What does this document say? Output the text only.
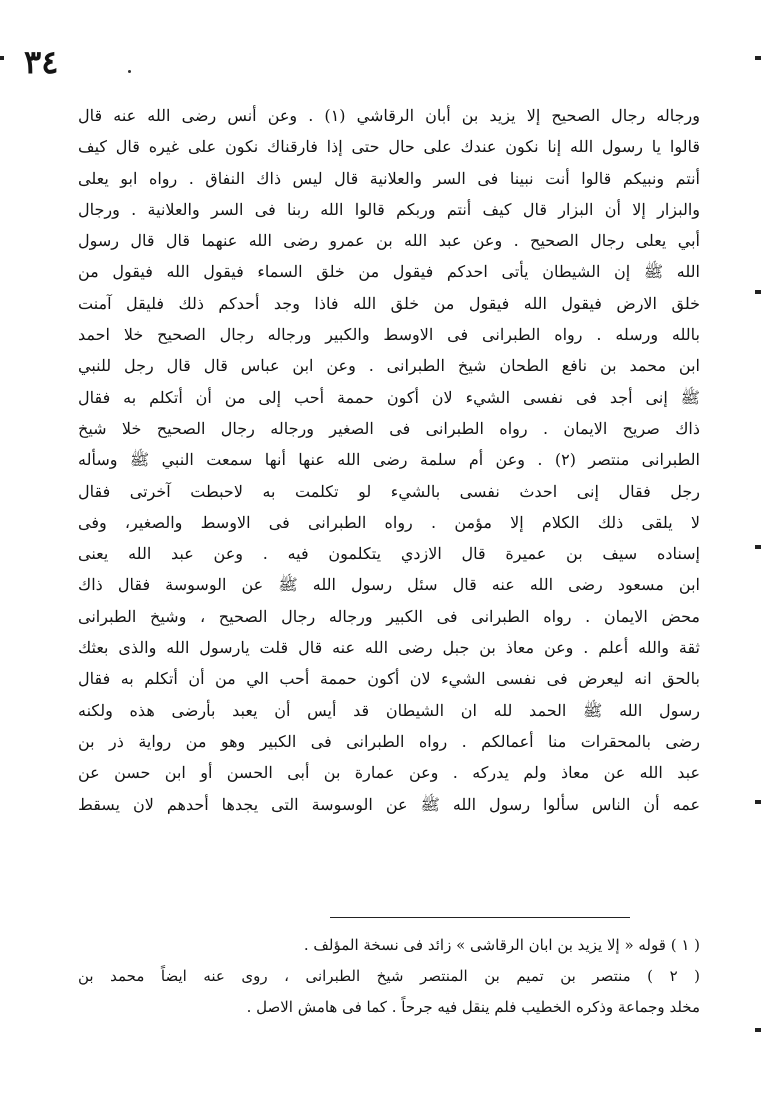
٣٤
ورجاله رجال الصحيح إلا يزيد بن أبان الرقاشي (١) . وعن أنس رضى الله عنه قال
قالوا يا رسول الله إنا نكون عندك على حال حتى إذا فارقناك نكون على غيره قال كيف
أنتم ونبيكم قالوا أنت نبينا فى السر والعلانية قال ليس ذاك النفاق . رواه ابو يعلى
والبزار إلا أن البزار قال كيف أنتم وربكم قالوا الله ربنا فى السر والعلانية . ورجال
أبي يعلى رجال الصحيح . وعن عبد الله بن عمرو رضى الله عنهما قال قال رسول
الله ﷺ إن الشيطان يأتى احدكم فيقول من خلق السماء فيقول الله فيقول من
خلق الارض فيقول الله فيقول من خلق الله فاذا وجد أحدكم ذلك فليقل آمنت
بالله ورسله . رواه الطبرانى فى الاوسط والكبير ورجاله رجال الصحيح خلا احمد
ابن محمد بن نافع الطحان شيخ الطبرانى . وعن ابن عباس قال قال رجل للنبي
ﷺ إنى أجد فى نفسى الشيء لان أكون حممة أحب إلى من أن أتكلم به فقال
ذاك صريح الايمان . رواه الطبرانى فى الصغير ورجاله رجال الصحيح خلا شيخ
الطبرانى منتصر (٢) . وعن أم سلمة رضى الله عنها أنها سمعت النبي ﷺ وسأله
رجل فقال إنى احدث نفسى بالشيء لو تكلمت به لاحبطت آخرتى فقال
لا يلقى ذلك الكلام إلا مؤمن . رواه الطبرانى فى الاوسط والصغير، وفى
إسناده سيف بن عميرة قال الازدي يتكلمون فيه . وعن عبد الله يعنى
ابن مسعود رضى الله عنه قال سئل رسول الله ﷺ عن الوسوسة فقال ذاك
محض الايمان . رواه الطبرانى فى الكبير ورجاله رجال الصحيح ، وشيخ الطبرانى
ثقة والله أعلم . وعن معاذ بن جبل رضى الله عنه قال قلت يارسول الله والذى بعثك
بالحق انه ليعرض فى نفسى الشيء لان أكون حممة أحب الي من أن أتكلم به فقال
رسول الله ﷺ الحمد لله ان الشيطان قد أيس أن يعبد بأرضى هذه ولكنه
رضى بالمحقرات منا أعمالكم . رواه الطبرانى فى الكبير وهو من رواية ذر بن
عبد الله عن معاذ ولم يدركه . وعن عمارة بن أبى الحسن أو ابن حسن عن
عمه أن الناس سألوا رسول الله ﷺ عن الوسوسة التى يجدها أحدهم لان يسقط
( ١ ) قوله « إلا يزيد بن ابان الرقاشى » زائد فى نسخة المؤلف .
( ٢ ) منتصر بن تميم بن المنتصر شيخ الطبرانى ، روى عنه ايضاً محمد بن
مخلد وجماعة وذكره الخطيب فلم ينقل فيه جرحاً . كما فى هامش الاصل .
